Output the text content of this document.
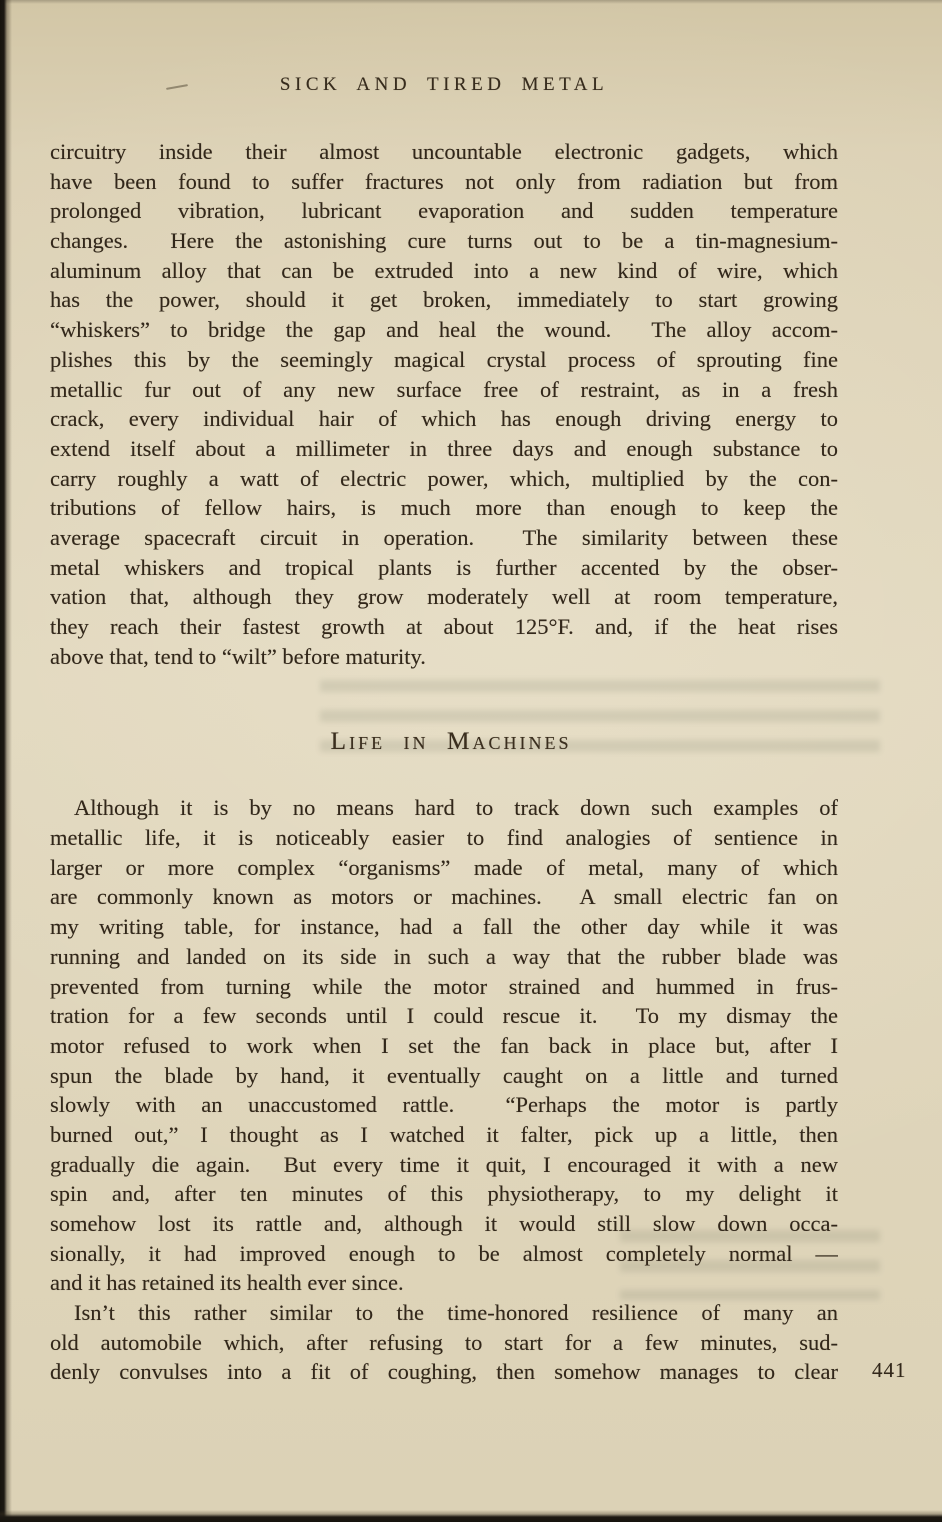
SICK AND TIRED METAL
circuitry inside their almost uncountable electronic gadgets, which
have been found to suffer fractures not only from radiation but from
prolonged vibration, lubricant evaporation and sudden temperature
changes.  Here the astonishing cure turns out to be a tin-magnesium-
aluminum alloy that can be extruded into a new kind of wire, which
has the power, should it get broken, immediately to start growing
“whiskers” to bridge the gap and heal the wound.  The alloy accom-
plishes this by the seemingly magical crystal process of sprouting fine
metallic fur out of any new surface free of restraint, as in a fresh
crack, every individual hair of which has enough driving energy to
extend itself about a millimeter in three days and enough substance to
carry roughly a watt of electric power, which, multiplied by the con-
tributions of fellow hairs, is much more than enough to keep the
average spacecraft circuit in operation.  The similarity between these
metal whiskers and tropical plants is further accented by the obser-
vation that, although they grow moderately well at room temperature,
they reach their fastest growth at about 125°F. and, if the heat rises
above that, tend to “wilt” before maturity.
Life in Machines
Although it is by no means hard to track down such examples of
metallic life, it is noticeably easier to find analogies of sentience in
larger or more complex “organisms” made of metal, many of which
are commonly known as motors or machines.  A small electric fan on
my writing table, for instance, had a fall the other day while it was
running and landed on its side in such a way that the rubber blade was
prevented from turning while the motor strained and hummed in frus-
tration for a few seconds until I could rescue it.  To my dismay the
motor refused to work when I set the fan back in place but, after I
spun the blade by hand, it eventually caught on a little and turned
slowly with an unaccustomed rattle.  “Perhaps the motor is partly
burned out,” I thought as I watched it falter, pick up a little, then
gradually die again.  But every time it quit, I encouraged it with a new
spin and, after ten minutes of this physiotherapy, to my delight it
somehow lost its rattle and, although it would still slow down occa-
sionally, it had improved enough to be almost completely normal —
and it has retained its health ever since.
Isn’t this rather similar to the time-honored resilience of many an
old automobile which, after refusing to start for a few minutes, sud-
denly convulses into a fit of coughing, then somehow manages to clear 441
